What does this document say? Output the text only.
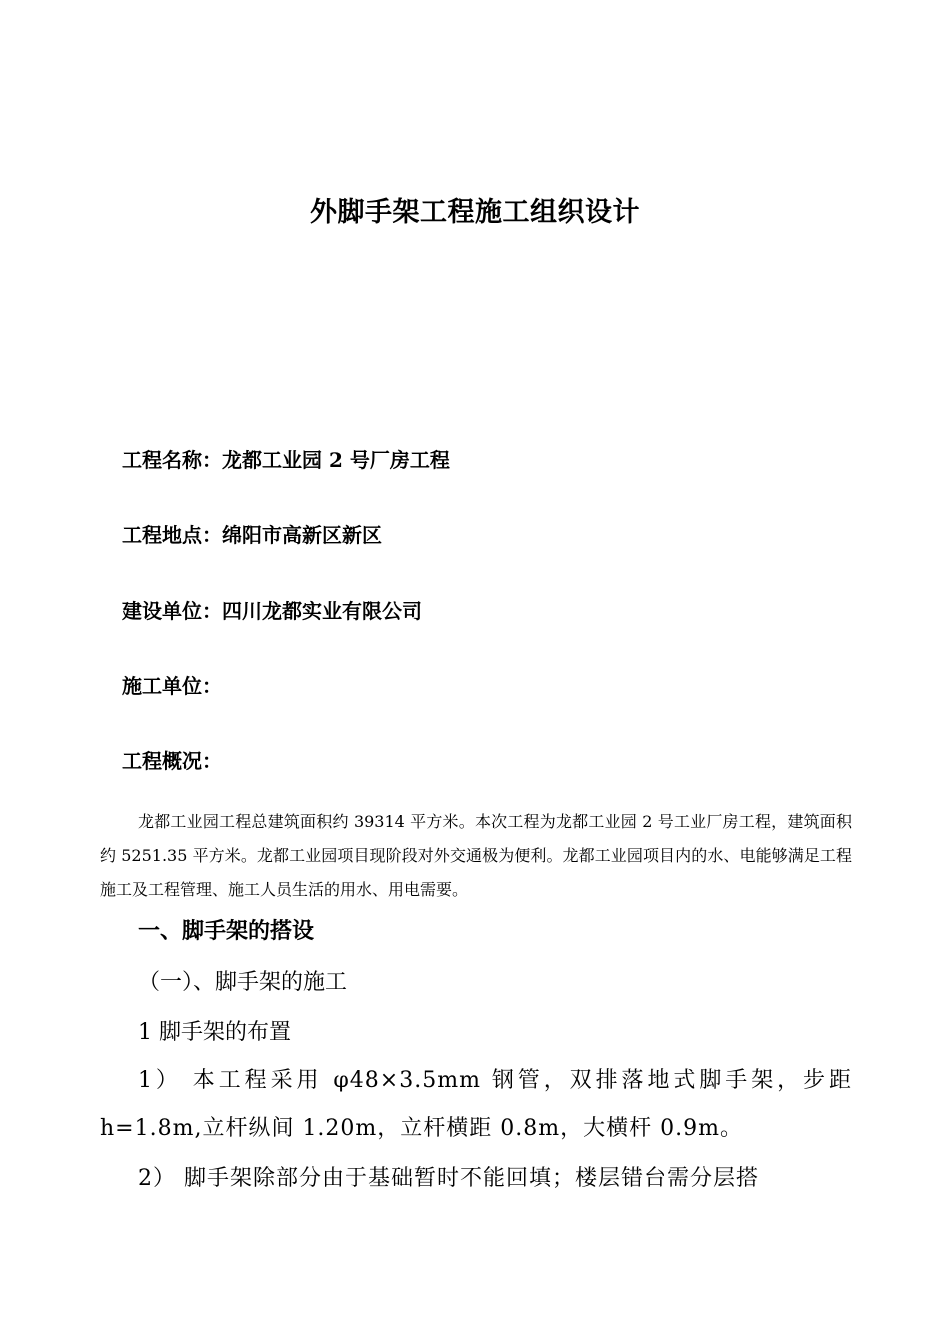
外脚手架工程施工组织设计

工程名称：龙都工业园 2 号厂房工程

工程地点：绵阳市高新区新区

建设单位：四川龙都实业有限公司

施工单位：

工程概况：

龙都工业园工程总建筑面积约 39314 平方米。本次工程为龙都工业园 2 号工业厂房工程，建筑面积约 5251.35 平方米。龙都工业园项目现阶段对外交通极为便利。龙都工业园项目内的水、电能够满足工程施工及工程管理、施工人员生活的用水、用电需要。

一、脚手架的搭设

（一）、脚手架的施工

1 脚手架的布置

1） 本工程采用 φ48×3.5mm 钢管，双排落地式脚手架，步距 h=1.8m,立杆纵间 1.20m，立杆横距 0.8m，大横杆 0.9m。

2） 脚手架除部分由于基础暂时不能回填；楼层错台需分层搭
